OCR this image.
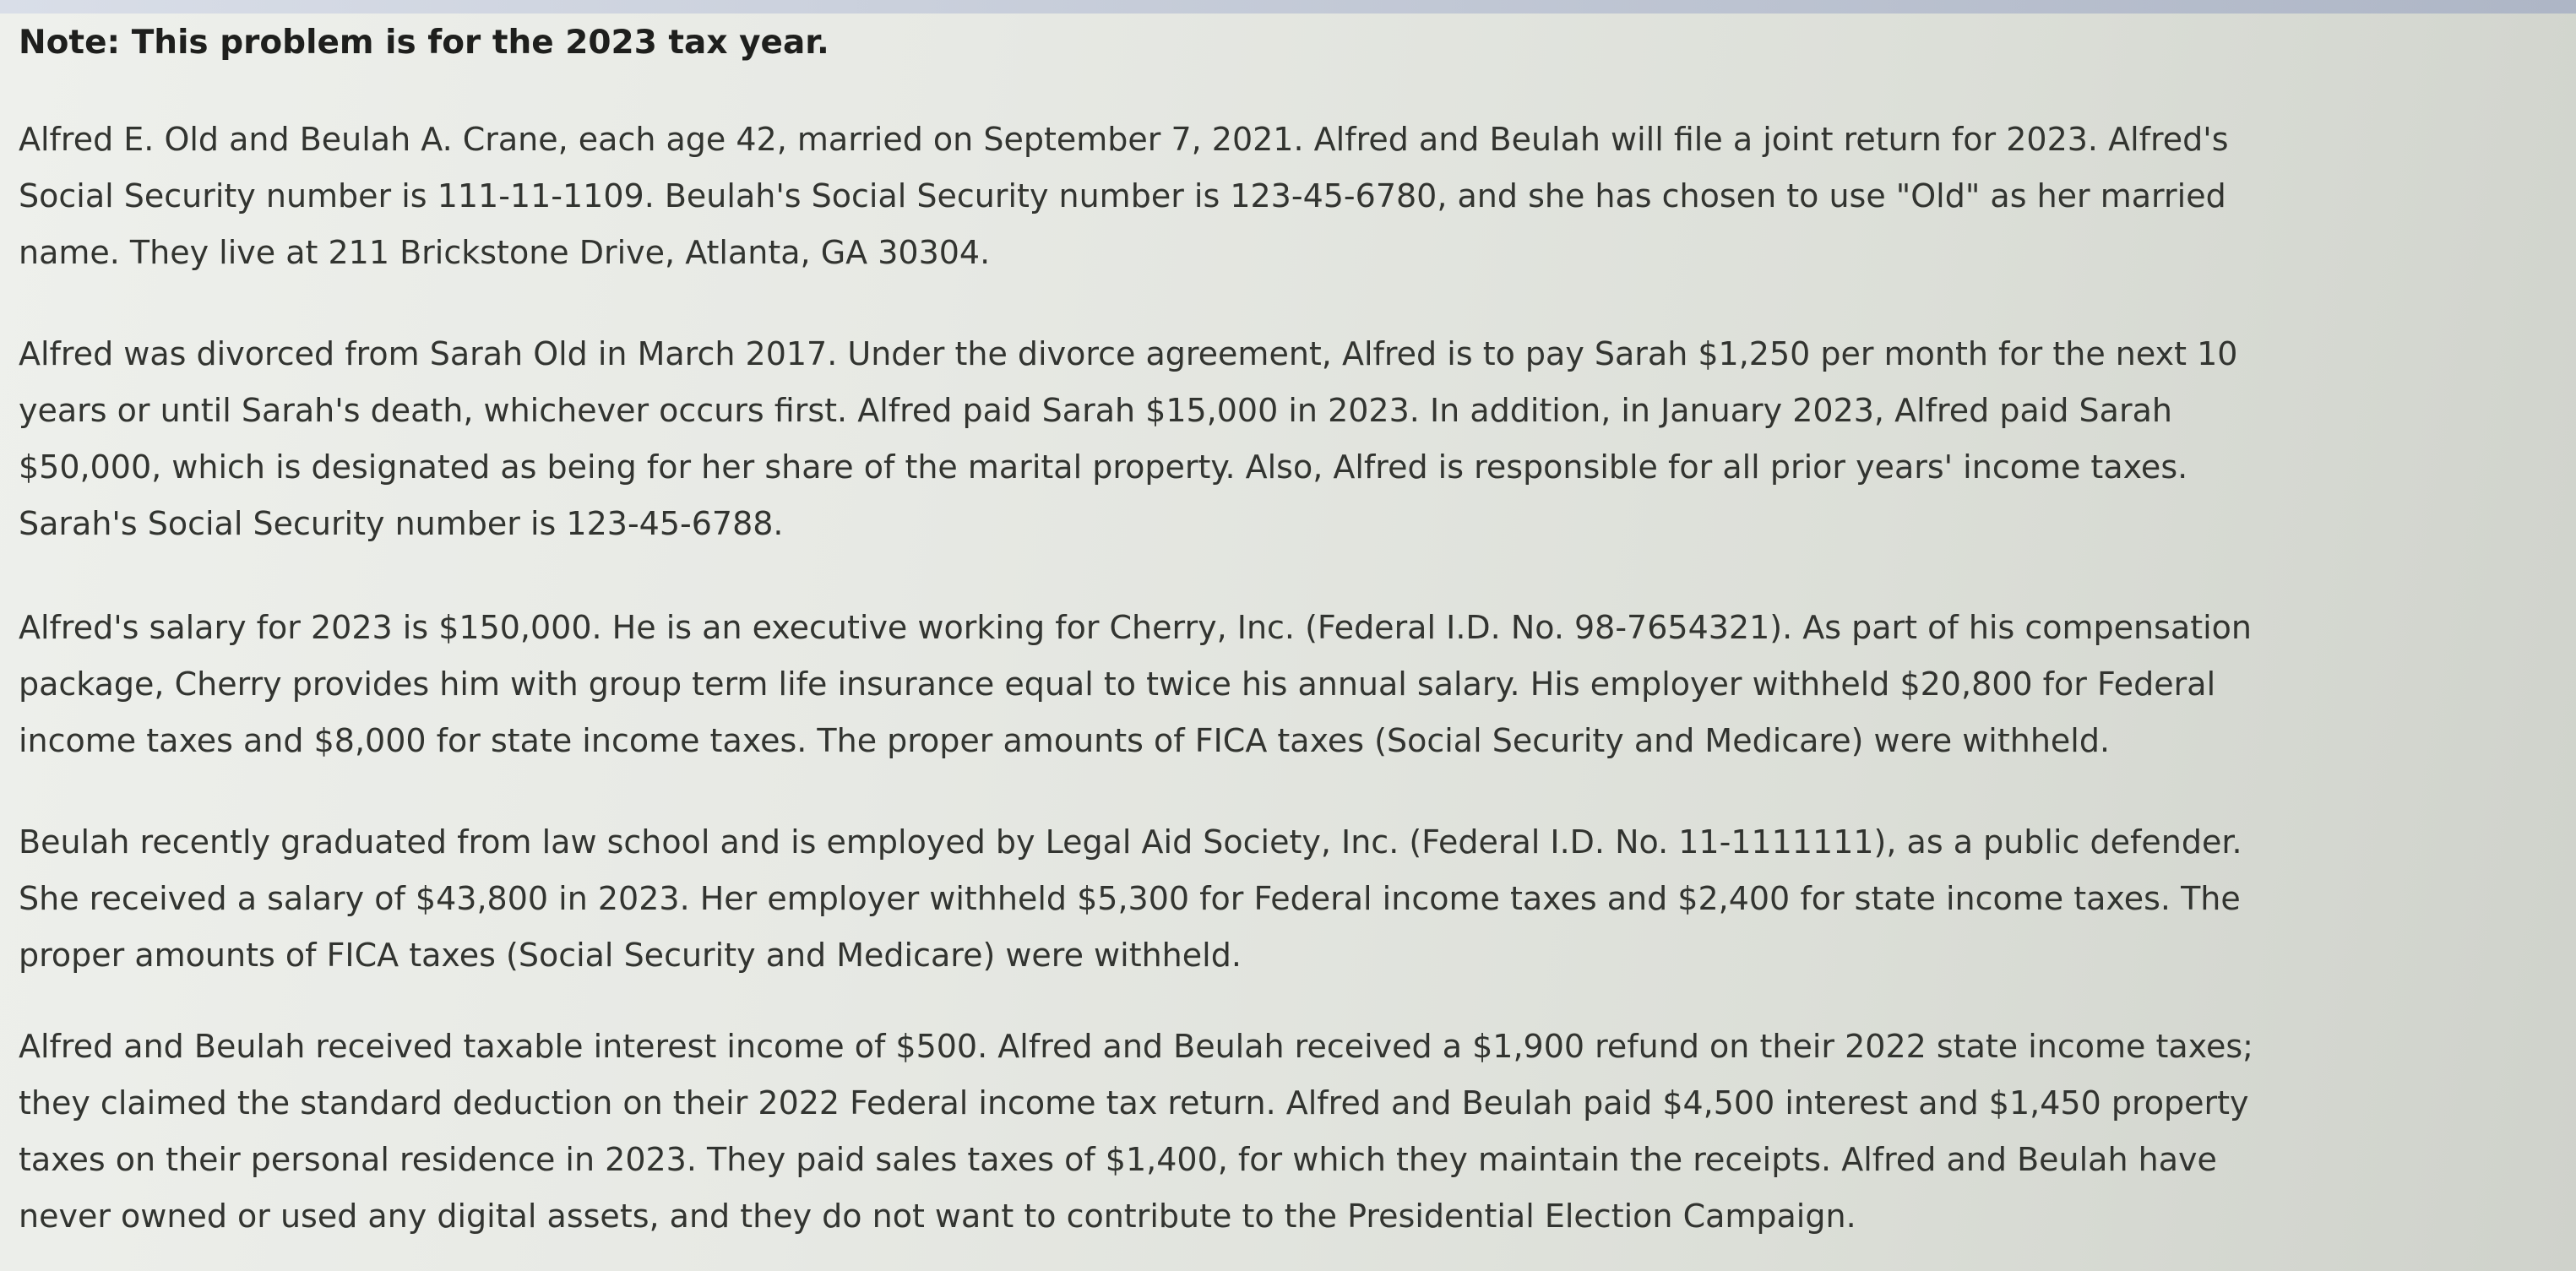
Note: This problem is for the 2023 tax year.

Alfred E. Old and Beulah A. Crane, each age 42, married on September 7, 2021. Alfred and Beulah will file a joint return for 2023. Alfred's
Social Security number is 111-11-1109. Beulah's Social Security number is 123-45-6780, and she has chosen to use "Old" as her married
name. They live at 211 Brickstone Drive, Atlanta, GA 30304.

Alfred was divorced from Sarah Old in March 2017. Under the divorce agreement, Alfred is to pay Sarah $1,250 per month for the next 10
years or until Sarah's death, whichever occurs first. Alfred paid Sarah $15,000 in 2023. In addition, in January 2023, Alfred paid Sarah
$50,000, which is designated as being for her share of the marital property. Also, Alfred is responsible for all prior years' income taxes.
Sarah's Social Security number is 123-45-6788.

Alfred's salary for 2023 is $150,000. He is an executive working for Cherry, Inc. (Federal I.D. No. 98-7654321). As part of his compensation
package, Cherry provides him with group term life insurance equal to twice his annual salary. His employer withheld $20,800 for Federal
income taxes and $8,000 for state income taxes. The proper amounts of FICA taxes (Social Security and Medicare) were withheld.

Beulah recently graduated from law school and is employed by Legal Aid Society, Inc. (Federal I.D. No. 11-1111111), as a public defender.
She received a salary of $43,800 in 2023. Her employer withheld $5,300 for Federal income taxes and $2,400 for state income taxes. The
proper amounts of FICA taxes (Social Security and Medicare) were withheld.

Alfred and Beulah received taxable interest income of $500. Alfred and Beulah received a $1,900 refund on their 2022 state income taxes;
they claimed the standard deduction on their 2022 Federal income tax return. Alfred and Beulah paid $4,500 interest and $1,450 property
taxes on their personal residence in 2023. They paid sales taxes of $1,400, for which they maintain the receipts. Alfred and Beulah have
never owned or used any digital assets, and they do not want to contribute to the Presidential Election Campaign.
